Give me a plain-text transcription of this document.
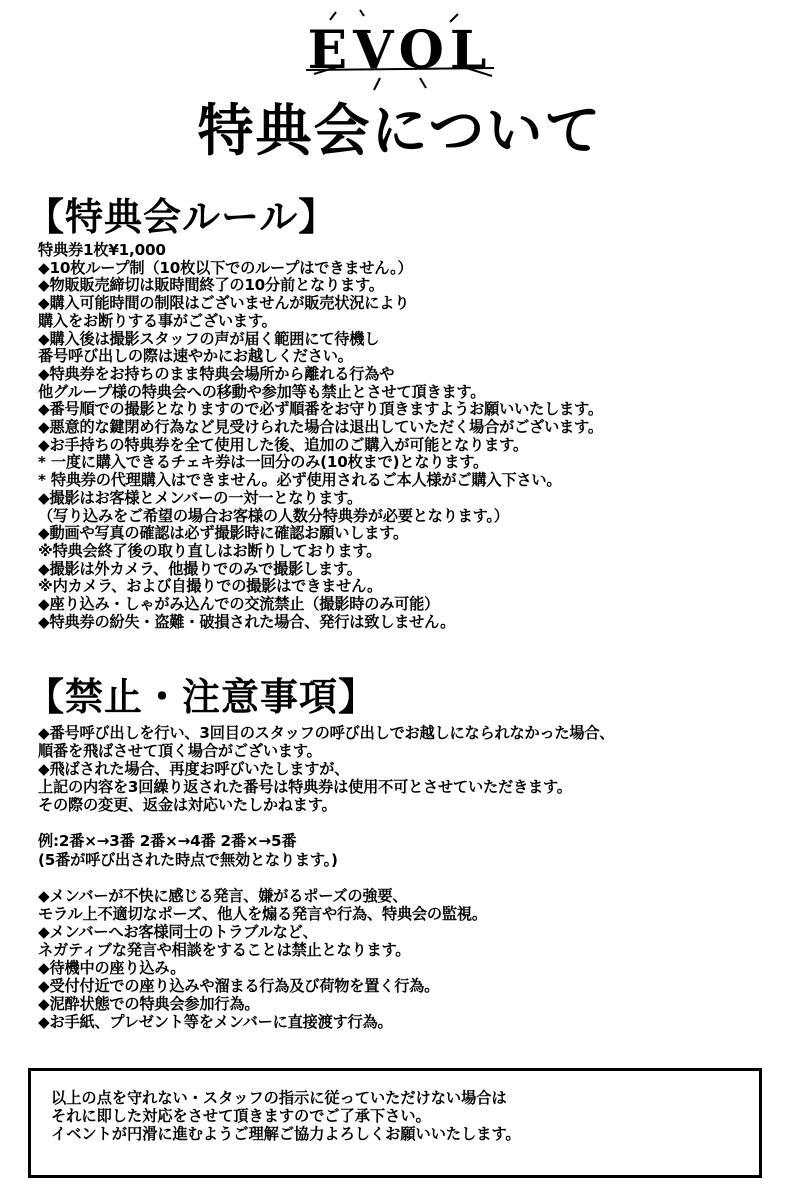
EVOL
特典会について
【特典会ルール】
特典券1枚¥1,000
◆10枚ループ制（10枚以下でのループはできません。）
◆物販販売締切は販時間終了の10分前となります。
◆購入可能時間の制限はございませんが販売状況により
購入をお断りする事がございます。
◆購入後は撮影スタッフの声が届く範囲にて待機し
番号呼び出しの際は速やかにお越しください。
◆特典券をお持ちのまま特典会場所から離れる行為や
他グループ様の特典会への移動や参加等も禁止とさせて頂きます。
◆番号順での撮影となりますので必ず順番をお守り頂きますようお願いいたします。
◆悪意的な鍵閉め行為など見受けられた場合は退出していただく場合がございます。
◆お手持ちの特典券を全て使用した後、追加のご購入が可能となります。
* 一度に購入できるチェキ券は一回分のみ(10枚まで)となります。
* 特典券の代理購入はできません。必ず使用されるご本人様がご購入下さい。
◆撮影はお客様とメンバーの一対一となります。
（写り込みをご希望の場合お客様の人数分特典券が必要となります。）
◆動画や写真の確認は必ず撮影時に確認お願いします。
※特典会終了後の取り直しはお断りしております。
◆撮影は外カメラ、他撮りでのみで撮影します。
※内カメラ、および自撮りでの撮影はできません。
◆座り込み・しゃがみ込んでの交流禁止（撮影時のみ可能）
◆特典券の紛失・盗難・破損された場合、発行は致しません。
【禁止・注意事項】
◆番号呼び出しを行い、3回目のスタッフの呼び出しでお越しになられなかった場合、
順番を飛ばさせて頂く場合がございます。
◆飛ばされた場合、再度お呼びいたしますが、
上記の内容を3回繰り返された番号は特典券は使用不可とさせていただきます。
その際の変更、返金は対応いたしかねます。
例:2番×→3番 2番×→4番 2番×→5番
(5番が呼び出された時点で無効となります。)
◆メンバーが不快に感じる発言、嫌がるポーズの強要、
モラル上不適切なポーズ、他人を煽る発言や行為、特典会の監視。
◆メンバーへお客様同士のトラブルなど、
ネガティブな発言や相談をすることは禁止となります。
◆待機中の座り込み。
◆受付付近での座り込みや溜まる行為及び荷物を置く行為。
◆泥酔状態での特典会参加行為。
◆お手紙、プレゼント等をメンバーに直接渡す行為。
以上の点を守れない・スタッフの指示に従っていただけない場合は
それに即した対応をさせて頂きますのでご了承下さい。
イベントが円滑に進むようご理解ご協力よろしくお願いいたします。
